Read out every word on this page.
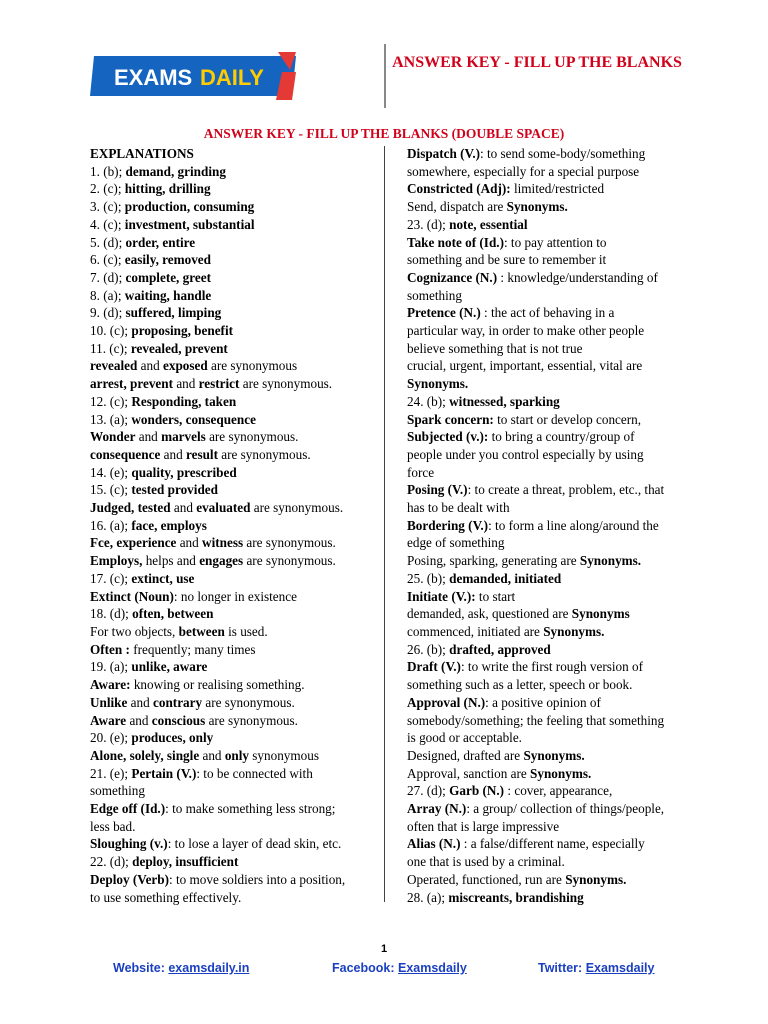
EXAMS DAILY
ANSWER KEY - FILL UP THE BLANKS
ANSWER KEY - FILL UP THE BLANKS (DOUBLE SPACE)
EXPLANATIONS
1. (b); demand, grinding
2. (c); hitting, drilling
3. (c); production, consuming
4. (c); investment, substantial
5. (d); order, entire
6. (c); easily, removed
7. (d); complete, greet
8. (a); waiting, handle
9. (d); suffered, limping
10. (c); proposing, benefit
11. (c); revealed, prevent
revealed and exposed are synonymous
arrest, prevent and restrict are synonymous.
12. (c); Responding, taken
13. (a); wonders, consequence
Wonder and marvels are synonymous.
consequence and result are synonymous.
14. (e); quality, prescribed
15. (c); tested provided
Judged, tested and evaluated are synonymous.
16. (a); face, employs
Fce, experience and witness are synonymous.
Employs, helps and engages are synonymous.
17. (c); extinct, use
Extinct (Noun): no longer in existence
18. (d); often, between
For two objects, between is used.
Often : frequently; many times
19. (a); unlike, aware
Aware: knowing or realising something.
Unlike and contrary are synonymous.
Aware and conscious are synonymous.
20. (e); produces, only
Alone, solely, single and only synonymous
21. (e); Pertain (V.): to be connected with
something
Edge off (Id.): to make something less strong;
less bad.
Sloughing (v.): to lose a layer of dead skin, etc.
22. (d); deploy, insufficient
Deploy (Verb): to move soldiers into a position,
to use something effectively.
Dispatch (V.): to send some-body/something
somewhere, especially for a special purpose
Constricted (Adj): limited/restricted
Send, dispatch are Synonyms.
23. (d); note, essential
Take note of (Id.): to pay attention to
something and be sure to remember it
Cognizance (N.) : knowledge/understanding of
something
Pretence (N.) : the act of behaving in a
particular way, in order to make other people
believe something that is not true
crucial, urgent, important, essential, vital are
Synonyms.
24. (b); witnessed, sparking
Spark concern: to start or develop concern,
Subjected (v.): to bring a country/group of
people under you control especially by using
force
Posing (V.): to create a threat, problem, etc., that
has to be dealt with
Bordering (V.): to form a line along/around the
edge of something
Posing, sparking, generating are Synonyms.
25. (b); demanded, initiated
Initiate (V.): to start
demanded, ask, questioned are Synonyms
commenced, initiated are Synonyms.
26. (b); drafted, approved
Draft (V.): to write the first rough version of
something such as a letter, speech or book.
Approval (N.): a positive opinion of
somebody/something; the feeling that something
is good or acceptable.
Designed, drafted are Synonyms.
Approval, sanction are Synonyms.
27. (d); Garb (N.) : cover, appearance,
Array (N.): a group/ collection of things/people,
often that is large impressive
Alias (N.) : a false/different name, especially
one that is used by a criminal.
Operated, functioned, run are Synonyms.
28. (a); miscreants, brandishing
1
Website: examsdaily.in	Facebook: Examsdaily	Twitter: Examsdaily
